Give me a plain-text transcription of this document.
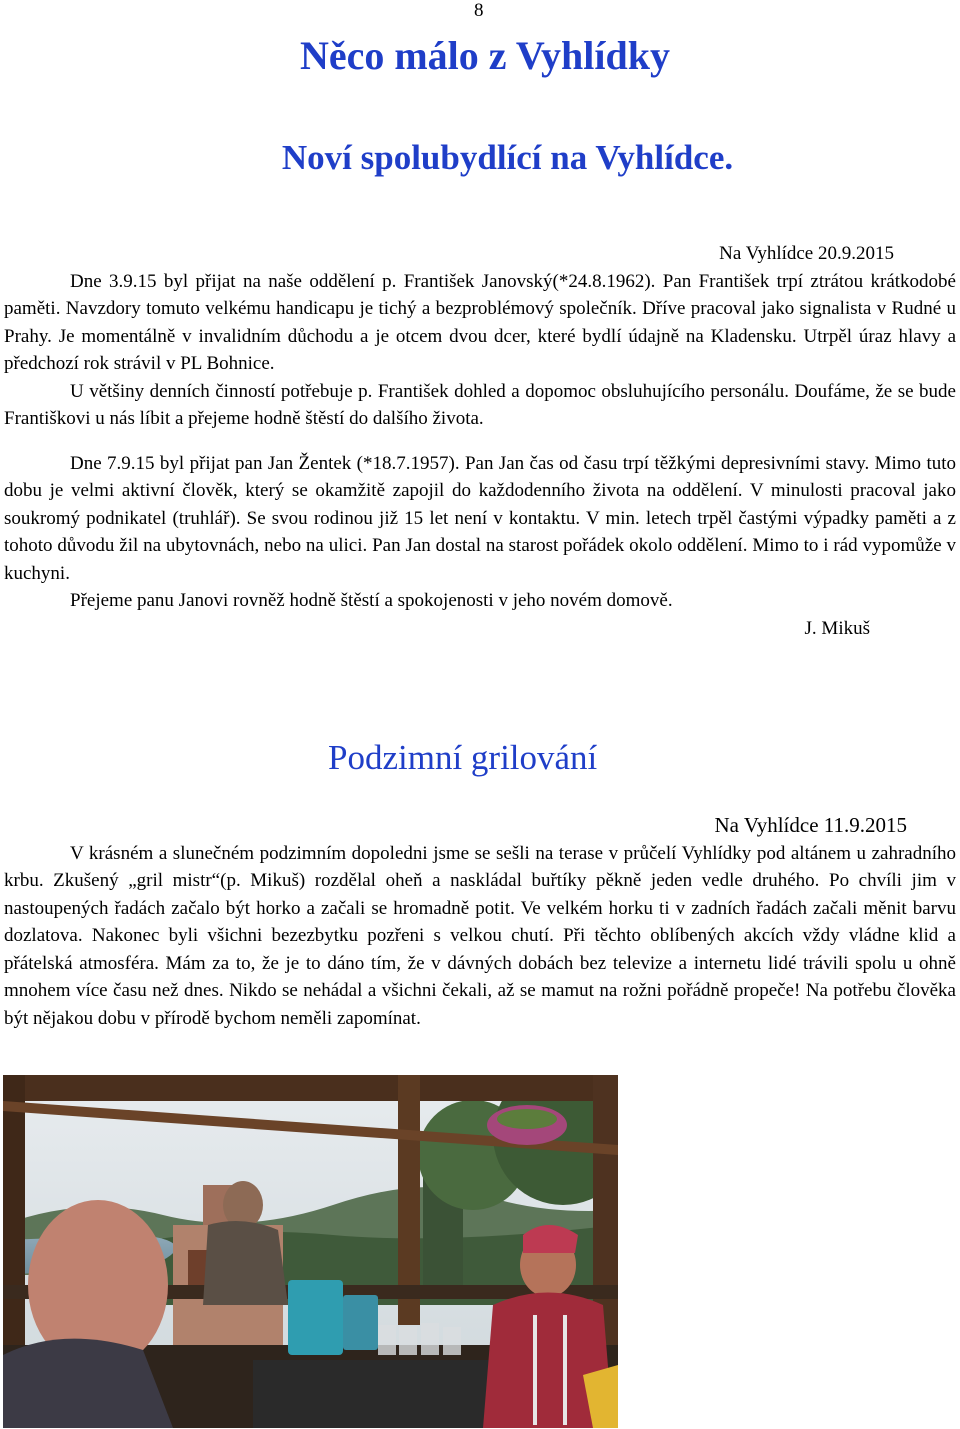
8
Něco málo z Vyhlídky
Noví spolubydlící na Vyhlídce.
Na Vyhlídce 20.9.2015

Dne 3.9.15 byl přijat na naše oddělení p. František Janovský(*24.8.1962). Pan František trpí ztrátou krátkodobé paměti. Navzdory tomuto velkému handicapu je tichý a bezproblémový společník. Dříve pracoval jako signalista v Rudné u Prahy. Je momentálně v invalidním důchodu a je otcem dvou dcer, které bydlí údajně na Kladensku. Utrpěl úraz hlavy a předchozí rok strávil v PL Bohnice.

U většiny denních činností potřebuje p. František dohled a dopomoc obsluhujícího personálu. Doufáme, že se bude Františkovi u nás líbit a přejeme hodně štěstí do dalšího života.

Dne 7.9.15 byl přijat pan Jan Žentek (*18.7.1957). Pan Jan čas od času trpí těžkými depresivními stavy. Mimo tuto dobu je velmi aktivní člověk, který se okamžitě zapojil do každodenního života na oddělení. V minulosti pracoval jako soukromý podnikatel (truhlář). Se svou rodinou již 15 let není v kontaktu. V min. letech trpěl častými výpadky paměti a z tohoto důvodu žil na ubytovnách, nebo na ulici. Pan Jan dostal na starost pořádek okolo oddělení. Mimo to i rád vypomůže v kuchyni.

Přejeme panu Janovi rovněž hodně štěstí a spokojenosti v jeho novém domově.

J. Mikuš
Podzimní grilování
Na Vyhlídce 11.9.2015

V krásném a slunečném podzimním dopoledni jsme se sešli na terase v průčelí Vyhlídky pod altánem u zahradního krbu. Zkušený „gril mistr“(p. Mikuš) rozdělal oheň a naskládal buřtíky pěkně jeden vedle druhého. Po chvíli jim v nastoupených řadách začalo být horko a začali se hromadně potit. Ve velkém horku ti v zadních řadách začali měnit barvu dozlatova. Nakonec byli všichni bezezbytku pozřeni s velkou chutí. Při těchto oblíbených akcích vždy vládne klid a přátelská atmosféra. Mám za to, že je to dáno tím, že v dávných dobách bez televize a internetu lidé trávili spolu u ohně mnohem více času než dnes. Nikdo se nehádal a všichni čekali, až se mamut na rožni pořádně propeče! Na potřebu člověka být nějakou dobu v přírodě bychom neměli zapomínat.
